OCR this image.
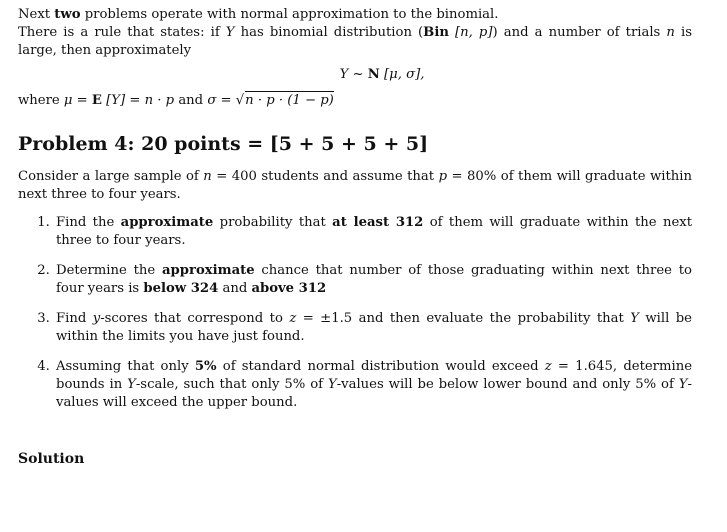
Next two problems operate with normal approximation to the binomial.
There is a rule that states: if Y has binomial distribution (Bin [n, p]) and a number of trials n is large, then approximately

Y ~ N [μ, σ],

where μ = E [Y] = n · p and σ = √n · p · (1 − p)

Problem 4: 20 points = [5 + 5 + 5 + 5]

Consider a large sample of n = 400 students and assume that p = 80% of them will graduate within next three to four years.

1. Find the approximate probability that at least 312 of them will graduate within the next three to four years.
2. Determine the approximate chance that number of those graduating within next three to four years is below 324 and above 312
3. Find y-scores that correspond to z = ±1.5 and then evaluate the probability that Y will be within the limits you have just found.
4. Assuming that only 5% of standard normal distribution would exceed z = 1.645, determine bounds in Y-scale, such that only 5% of Y-values will be below lower bound and only 5% of Y-values will exceed the upper bound.
Solution
